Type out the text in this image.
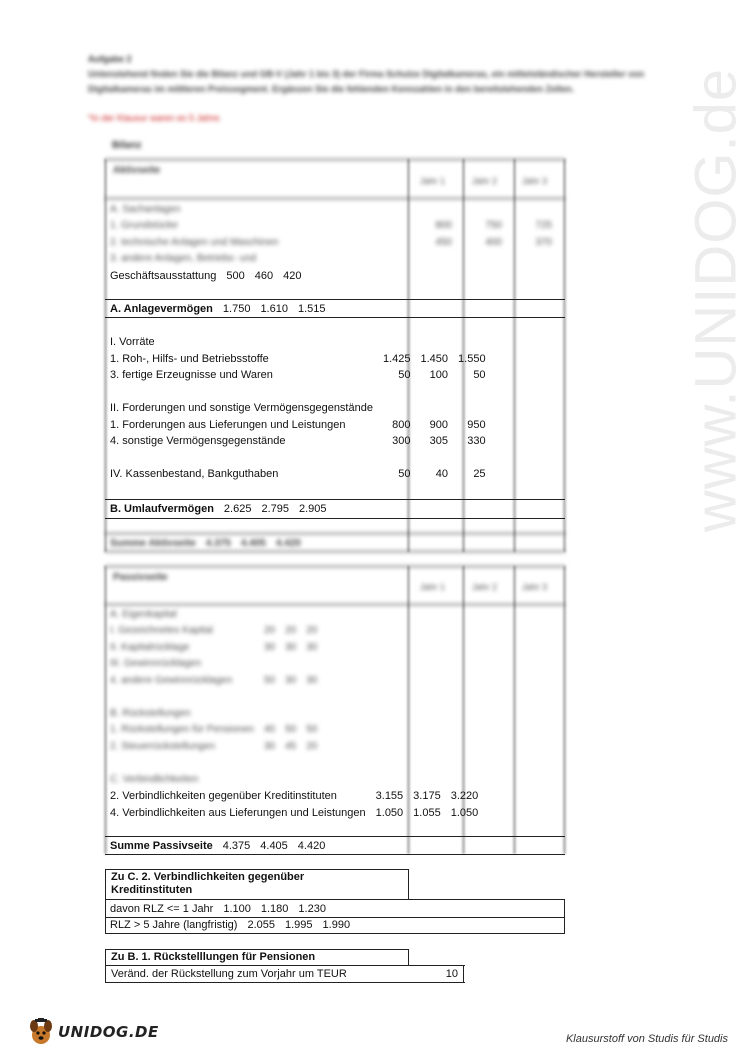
www.UNIDOG.de
Aufgabe 2
Untenstehend finden Sie die Bilanz und GB-V (Jahr 1 bis 3) der Firma Schulze Digitalkameras, ein mittelständischer Hersteller von Digitalkameras im mittleren Preissegment. Ergänzen Sie die fehlenden Kennzahlen in den bereitstehenden Zellen.
*In der Klausur waren es 5 Jahre.
Bilanz
Aktivseite
Jahr 1	Jahr 2	Jahr 3
A. Sachanlagen			
1. Grundstücke	800	750	725
2. technische Anlagen und Maschinen	450	400	370
3. andere Anlagen, Betriebs- und			
Geschäftsausstattung	500	460	420
A. Anlagevermögen	1.750	1.610	1.515
I. Vorräte			
1. Roh-, Hilfs- und Betriebsstoffe	1.425	1.450	1.550
3. fertige Erzeugnisse und Waren	50	100	50

II. Forderungen und sonstige Vermögensgegenstände			
1. Forderungen aus Lieferungen und Leistungen	800	900	950
4. sonstige Vermögensgegenstände	300	305	330

IV. Kassenbestand, Bankguthaben	50	40	25
B. Umlaufvermögen	2.625	2.795	2.905
Summe Aktivseite	4.375	4.405	4.420
Passivseite
Jahr 1	Jahr 2	Jahr 3
A. Eigenkapital			
I. Gezeichnetes Kapital	20	20	20
II. Kapitalrücklage	30	30	30
III. Gewinnrücklagen			
4. andere Gewinnrücklagen	50	30	30

B. Rückstellungen			
1. Rückstellungen für Pensionen	40	50	50
2. Steuerrückstellungen	30	45	20

C. Verbindlichkeiten			
2. Verbindlichkeiten gegenüber Kreditinstituten	3.155	3.175	3.220
4. Verbindlichkeiten aus Lieferungen und Leistungen	1.050	1.055	1.050
Summe Passivseite	4.375	4.405	4.420
Zu C. 2. Verbindlichkeiten gegenüber
Kreditinstituten
davon RLZ <= 1 Jahr	1.100	1.180	1.230
RLZ > 5 Jahre (langfristig)	2.055	1.995	1.990
Zu B. 1. Rückstelllungen für Pensionen
Veränd. der Rückstellung zum Vorjahr um TEUR	10
UNIDOG.DE	Klausurstoff von Studis für Studis
